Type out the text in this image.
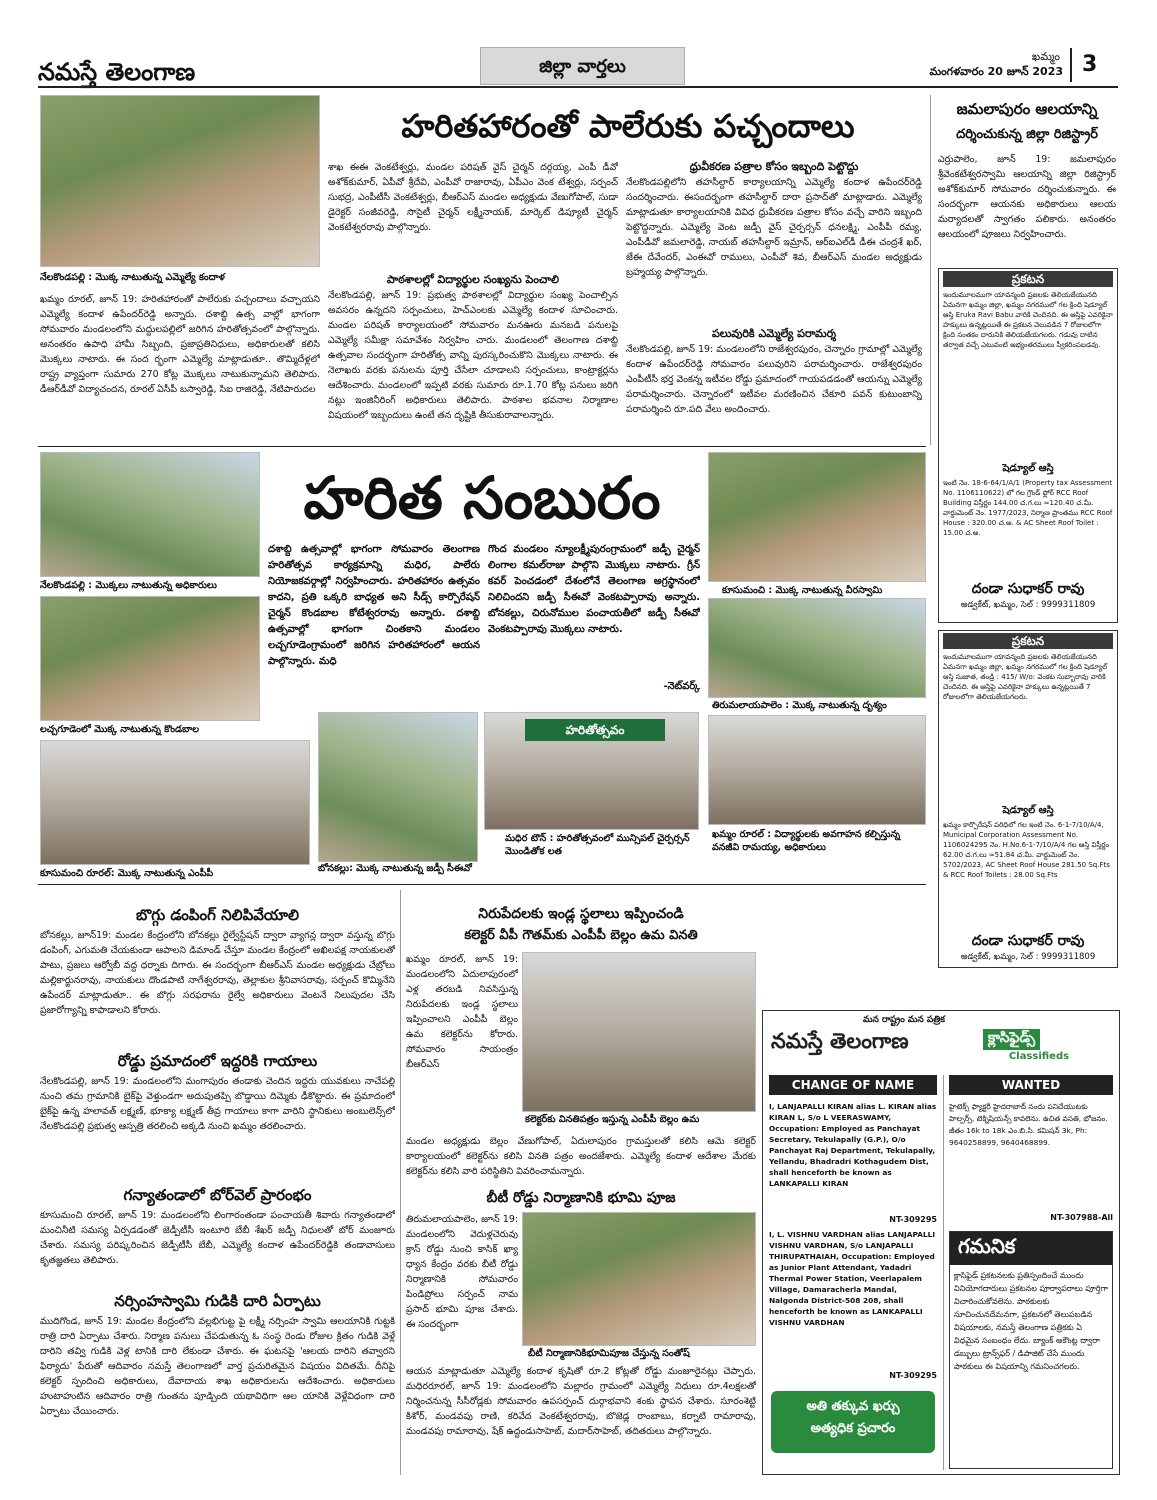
నమస్తే తెలంగాణ	జిల్లా వార్తలు	ఖమ్మం
మంగళవారం 20 జూన్ 2023 3
నేలకొండపల్లి : మొక్క నాటుతున్న ఎమ్మెల్యే కందాళ
హరితహారంతో పాలేరుకు పచ్చందాలు
ఖమ్మం రూరల్, జూన్ 19: హరితహారంతో పాలేరుకు పచ్చందాలు వచ్చాయని ఎమ్మెల్యే కందాళ ఉపేందర్‌రెడ్డి అన్నారు. దశాబ్ది ఉత్స వాల్లో భాగంగా సోమవారం మండలంలోని మద్దులపల్లిలో జరిగిన హరితోత్సవంలో పాల్గొన్నారు. అనంతరం ఉపాధి హామీ సిబ్బంది, ప్రజాప్రతినిధులు, అధికారులతో కలిసి మొక్కలు నాటారు. ఈ సంద ర్భంగా ఎమ్మెల్యే మాట్లాడుతూ.. తొమ్మిదేళ్లలో రాష్ట్ర వ్యాప్తంగా సుమారు 270 కోట్ల మొక్కలు నాటుకున్నామని తెలిపారు. డీఆర్‌డీవో విద్యాచందన, రూరల్ ఏసీపీ బస్వారెడ్డి, సిఐ రాజిరెడ్డి, నేటిపారుదల
శాఖ ఈఈ వెంకటేశ్వర్లు, మండల పరిషత్ వైస్ చైర్మన్ దర్గయ్య, ఎంపీ డీవో అశోక్‌కుమార్, ఏపీవో శ్రీదేవి, ఎంపీవో రాజారావు, ఏపీఎం వెంక టేశ్వర్లు, సర్పంచ్ సుభద్ర, ఎంపీటీసీ వెంకటేశ్వర్లు, బీఆర్‌ఎస్ మండల అధ్యక్షుడు వేణుగోపాల్, సుడా డైరెక్టర్ సంజీవరెడ్డి, సొసైటీ చైర్మన్ లక్ష్మీనాయక్, మార్కెట్ డిప్యూటీ చైర్మన్ వెంకటేశ్వరరావు పాల్గొన్నారు.
పాఠశాలల్లో విద్యార్థుల సంఖ్యను పెంచాలి
నేలకొండపల్లి, జూన్ 19: ప్రభుత్వ పాఠశాలల్లో విద్యార్థుల సంఖ్య పెంచాల్సిన అవసరం ఉన్నదని సర్పంచులు, హెచ్‌ఎంలకు ఎమ్మెల్యే కందాళ సూచించారు. మండల పరిషత్ కార్యాలయంలో సోమవారం మనఊరు మనబడి పనులపై ఎమ్మెల్యే సమీక్షా సమావేశం నిర్వహిం చారు. మండలంలో తెలంగాణ దశాబ్ది ఉత్సవాల సందర్భంగా హరితోత్స వాన్ని పురస్కరించుకొని మొక్కలు నాటారు. ఈ నెలాఖరు వరకు పనులను పూర్తి చేసేలా చూడాలని సర్పంచులు, కాంట్రాక్టర్లను ఆదేశించారు. మండలంలో ఇప్పటి వరకు సుమారు రూ.1.70 కోట్ల పనులు జరిగి నట్లు ఇంజినీరింగ్ అధికారులు తెలిపారు. పాఠశాల భవనాల నిర్మాణాల విషయంలో ఇబ్బందులు ఉంటే తన దృష్టికి తీసుకురావాలన్నారు.
ధ్రువీకరణ పత్రాల కోసం ఇబ్బంది పెట్టొద్దు
నేలకొండపల్లిలోని తహసీల్దార్ కార్యాలయాన్ని ఎమ్మెల్యే కందాళ ఉపేందర్‌రెడ్డి సందర్శించారు. ఈసందర్భంగా తహసీల్దార్ దారా ప్రసాద్‌తో మాట్లాడారు. ఎమ్మెల్యే మాట్లాడుతూ కార్యాలయానికి వివిధ ధ్రువీకరణ పత్రాల కోసం వచ్చే వారిని ఇబ్బంది పెట్టొద్దన్నారు. ఎమ్మెల్యే వెంట జడ్పీ వైస్ చైర్పర్సన్ ధనలక్ష్మి, ఎంపీపీ రమ్య, ఎంపీడీవో జమలారెడ్డి, నాయబ్ తహసీల్దార్ ఇమ్రాన్, ఆర్‌ఐఎల్‌డీ డీఈ చంద్రశే ఖర్, జేఈ దేవేందర్, ఎంఈవో రాములు, ఎంపీవో శివ, బీఆర్‌ఎస్ మండల అధ్యక్షుడు బ్రహ్మయ్య పాల్గొన్నారు.
పలువురికి ఎమ్మెల్యే పరామర్శ
నేలకొండపల్లి, జూన్ 19: మండలంలోని రాజేశ్వరపురం, చెన్నారం గ్రామాల్లో ఎమ్మెల్యే కందాళ ఉపేందర్‌రెడ్డి సోమవారం పలువురిని పరామర్శించారు. రాజేశ్వరపురం ఎంపీటీసీ భర్త వెంకన్న ఇటీవల రోడ్డు ప్రమాదంలో గాయపడడంతో ఆయన్ను ఎమ్మెల్యే పరామర్శించారు. చెన్నారంలో ఇటీవల మరణించిన చేకూరి పవన్ కుటుంబాన్ని పరామర్శించి రూ.పది వేలు అందించారు.
జమలాపురం ఆలయాన్ని
దర్శించుకున్న జిల్లా రిజిస్ట్రార్
ఎర్రుపాలెం, జూన్ 19: జమలాపురం శ్రీవెంకటేశ్వరస్వామి ఆలయాన్ని జిల్లా రిజిస్ట్రార్ అశోక్‌కుమార్ సోమవారం దర్శించుకున్నారు. ఈ సందర్భంగా ఆయనకు అధికారులు ఆలయ మర్యాదలతో స్వాగతం పలికారు. అనంతరం ఆలయంలో పూజలు నిర్వహించారు.
ప్రకటన
ఇందుమూలముగా యావన్మంది ప్రజలకు తెలియజేయునది ఏమనగా ఖమ్మం జిల్లా, ఖమ్మం నగరములో గల క్రింది షెడ్యూల్ ఆస్తి Eruka Ravi Babu వారికి చెందినది. ఈ ఆస్తిపై ఎవరికైనా హక్కులు ఉన్నట్లయితే ఈ ప్రకటన వెలువడిన 7 రోజులలోగా క్రింది సంతకం దారునికి తెలియజేయగలరు. గడువు దాటిన తర్వాత వచ్చే ఎటువంటి అభ్యంతరములు స్వీకరింపబడవు.
షెడ్యూల్ ఆస్తి
ఇంటి నెం. 18-6-64/1/A/1 (Property tax Assessment No. 1106110622) లో గల గ్రౌండ్ ఫ్లోర్ RCC Roof Building విస్తీర్ణం 144.00 చ.గ.లు ≈120.40 చ.మీ. వార్డుమెంట్ నెం. 1977/2023, నిర్మాణ ప్రాంతము RCC Roof House : 320.00 చ.అ. & AC Sheet Roof Toilet : 15.00 చ.అ.
దండా సుధాకర్ రావు
అడ్వకేట్, ఖమ్మం, సెల్ : 9999311809
ప్రకటన
ఇందుమూలముగా యావన్మంది ప్రజలకు తెలియజేయునది ఏమనగా ఖమ్మం జిల్లా, ఖమ్మం నగరములో గల క్రింది షెడ్యూల్ ఆస్తి సుజాత, తండ్రి : 415/ W/o: వెంకట సుబ్బారావు వారికి చెందినది. ఈ ఆస్తిపై ఎవరికైనా హక్కులు ఉన్నట్లయితే 7 రోజులలోగా తెలియజేయగలరు.
షెడ్యూల్ ఆస్తి
ఖమ్మం కార్పొరేషన్ పరిధిలో గల ఇంటి నెం. 6-1-7/10/A/4, Municipal Corporation Assessment No. 1106024295 నెం. H.No.6-1-7/10/A/4 గల ఆస్తి విస్తీర్ణం 62.00 చ.గ.లు ≈51.84 చ.మీ. వార్డుమెంట్ నెం. 5702/2023, AC Sheet Roof House 281.50 Sq.Fts & RCC Roof Toilets : 28.00 Sq.Fts
దండా సుధాకర్ రావు
అడ్వకేట్, ఖమ్మం, సెల్ : 9999311809
నేలకొండపల్లి : మొక్కలు నాటుతున్న అధికారులు
లచ్చగూడెంలో మొక్క నాటుతున్న కొండబాల
కూసుమంచి రూరల్: మొక్క నాటుతున్న ఎంపీపీ
హరిత సంబురం
దశాబ్ది ఉత్సవాల్లో భాగంగా సోమవారం తెలంగాణ హరితోత్సవ కార్యక్రమాన్ని మధిర, పాలేరు నియోజకవర్గాల్లో నిర్వహించారు. హరితహారం ఉత్సవం కాదని, ప్రతి ఒక్కరి బాధ్యత అని సీడ్స్ కార్పొరేషన్ చైర్మన్ కొండబాల కోటేశ్వరరావు అన్నారు. దశాబ్ది ఉత్సవాల్లో భాగంగా చింతకాని మండలం లచ్చగూడెంగ్రామంలో జరిగిన హరితహారంలో ఆయన పాల్గొన్నారు. మధి
గొంద మండలం న్యూలక్ష్మీపురంగ్రామంలో జడ్పీ చైర్మన్ లింగాల కమల్‌రాజు పాల్గొని మొక్కలు నాటారు. గ్రీన్ కవర్ పెంచడంలో దేశంలోనే తెలంగాణ అగ్రస్థానంలో నిలిచిందని జడ్పీ సీఈవో వెంకటప్పారావు అన్నారు. బోనకల్లు, చిరునోముల పంచాయతీలో జడ్పీ సీఈవో వెంకటప్పారావు మొక్కలు నాటారు.
-నెట్‌వర్క్
బోనకల్లు: మొక్క నాటుతున్న జడ్పీ సీఈవో
హరితోత్సవం
మధిర టౌన్ : హరితోత్సవంలో మున్సిపల్ చైర్పర్సన్ మొండితోక లత
కూసుమంచి : మొక్క నాటుతున్న వీరస్వామి
తిరుమలాయపాలెం : మొక్క నాటుతున్న దృశ్యం
ఖమ్మం రూరల్ : విద్యార్థులకు అవగాహన కల్పిస్తున్న వనజీవి రామయ్య, అధికారులు
బొగ్గు డంపింగ్ నిలిపివేయాలి
బోనకల్లు, జూన్19: మండల కేంద్రంలోని బోనకల్లు రైల్వేస్టేషన్ ద్వారా వ్యాగన్ల ద్వారా వస్తున్న బొగ్గు డంపింగ్, ఎగుమతి చేయకుండా ఆపాలని డిమాండ్ చేస్తూ మండల కేంద్రంలో అఖిలపక్ష నాయకులతో పాటు, ప్రజలు ఆర్వోబీ వద్ద ధర్నాకు దిగారు. ఈ సందర్భంగా బీఆర్‌ఎస్ మండల అధ్యక్షుడు చేబ్రోలు మల్లికార్జునరావు, నాయకులు దొండపాటి నాగేశ్వరరావు, తెల్లాకుల శ్రీనివాసరావు, సర్పంచ్ కొమ్మినేని ఉపేందర్ మాట్లాడుతూ.. ఈ బొగ్గు సరఫరాను రైల్వే అధికారులు వెంటనే నిలుపుదల చేసి ప్రజారోగ్యాన్ని కాపాడాలని కోరారు.
రోడ్డు ప్రమాదంలో ఇద్దరికి గాయాలు
నేలకొండపల్లి, జూన్ 19: మండలంలోని మంగాపురం తండాకు చెందిన ఇద్దరు యువకులు నాచేపల్లి నుంచి తమ గ్రామానికి బైక్‌పై వెళ్తుండగా అదుపుతప్పి బొడ్డాయి దిమ్మెకు ఢీకొట్టారు. ఈ ప్రమాదంలో బైక్‌పై ఉన్న హలావత్ లక్ష్మణ్, భూక్యా లక్ష్మణ్‌ తీవ్ర గాయాలు కాగా వారిని స్థానికులు అంబులెన్స్‌లో నేలకొండపల్లి ప్రభుత్వ ఆస్పత్రి తరలించి అక్కడి నుంచి ఖమ్మం తరలించారు.
గన్యాతండాలో బోర్‌వెల్ ప్రారంభం
కూసుమంచి రూరల్, జూన్ 19: మండలంలోని లింగారంతండా పంచాయతీ శివారు గన్యాతండాలో మంచినీటి సమస్య ఏర్పడడంతో జెడ్పీటీసీ ఇంటూరి బేబీ శేఖర్ జడ్పీ నిధులతో బోర్ మంజూరు చేశారు. సమస్య పరిష్కరించిన జెడ్పీటీసీ బేబీ, ఎమ్మెల్యే కందాళ ఉపేందర్‌రెడ్డికి తండావాసులు కృతజ్ఞతలు తెలిపారు.
నర్సింహస్వామి గుడికి దారి ఏర్పాటు
ముదిగొండ, జూన్ 19: మండల కేంద్రంలోని వల్లభిగుట్ట పై లక్ష్మీ నర్సింహ స్వామి ఆలయానికి గుట్టకి రాత్రి దారి ఏర్పాటు చేశారు. నిర్మాణ పనులు చేపడుతున్న ఓ సంస్థ రెండు రోజుల క్రితం గుడికి వెళ్లే దారిని తవ్వి గుడికి వెళ్ల టానికి దారి లేకుండా చేశారు. ఈ ఘటనపై 'ఆలయ దారిని తవ్వారని ఫిర్యాదు' పేరుతో ఆదివారం నమస్తే తెలంగాణలో వార్త ప్రచురితమైన విషయం విదితమే. దీనిపై కలెక్టర్ స్పందించి అధికారులు, దేవాదాయ శాఖ అధికారులను ఆదేశించారు. అధికారులు హుటాహుటిన ఆదివారం రాత్రి గుంతను పూడ్చింది యథావిధిగా ఆల యానికి వెళ్లేవిధంగా దారి ఏర్పాటు చేయించారు.
నిరుపేదలకు ఇండ్ల స్థలాలు ఇప్పించండి
కలెక్టర్ వీపీ గౌతమ్‌కు ఎంపీపీ బెల్లం ఉమ వినతి
ఖమ్మం రూరల్, జూన్ 19: మండలంలోని ఏదులాపురంలో ఎళ్ల తరబడి నివసిస్తున్న నిరుపేదలకు ఇండ్ల స్థలాలు ఇప్పించాలని ఎంపీపీ బెల్లం ఉమ కలెక్టర్‌ను కోరారు. సోమవారం సాయంత్రం బీఆర్‌ఎస్
కలెక్టర్‌కు వినతిపత్రం ఇస్తున్న ఎంపీపీ బెల్లం ఉమ
మండల అధ్యక్షుడు బెల్లం వేణుగోపాల్, ఏదులాపురం గ్రామస్తులతో కలిసి ఆమె కలెక్టర్ కార్యాలయంలో కలెక్టర్‌ను కలిసి వినతి పత్రం అందజేశారు. ఎమ్మెల్యే కందాళ ఆదేశాల మేరకు కలెక్టర్‌ను కలిసి వారి పరిస్థితిని వివరించామన్నారు.
బీటీ రోడ్డు నిర్మాణానికి భూమి పూజ
తిరుమలాయపాలెం, జూన్ 19: మండలంలోని వెదుళ్లచెరువు క్రాస్ రోడ్డు నుంచి కాసిక్ ఖ్యా ధ్యాన కేంద్రం వరకు బీటీ రోడ్డు నిర్మాణానికి సోమవారం పిండిప్రోలు సర్పంచ్ నామ ప్రసాద్ భూమి పూజ చేశారు. ఈ సందర్భంగా
బీటీ నిర్మాణానికిభూమిపూజ చేస్తున్న సంతోష్
ఆయన మాట్లాడుతూ ఎమ్మెల్యే కందాళ కృషితో రూ.2 కోట్లతో రోడ్డు మంజూరైనట్లు చెప్పారు. మధిరరూరల్, జూన్ 19: మండలంలోని మల్లారం గ్రామంలో ఎమ్మెల్యే నిధులు రూ.4లక్షలతో నిర్మించనున్న సీసీరోడ్లకు సోమవారం ఉపసర్పంచ్ దుర్గాభవాని శంకు స్థాపన చేశారు. సూరంశెట్టి కిశోర్, మండవపు రాణి, కరివేద వెంకటేశ్వరరావు, బొజెడ్ల రాంబాబు, కర్నాటి రామారావు, మండవపు రామారావు, షేక్ ఉద్దండుసాహెబ్, మదార్‌సాహెబ్, తదితరులు పాల్గొన్నారు.
మన రాష్ట్రం మన పత్రిక
నమస్తే తెలంగాణ	క్లాసిఫైడ్స్
Classifieds
CHANGE OF NAME
I, LANJAPALLI KIRAN alias L. KIRAN alias KIRAN L, S/o L VEERASWAMY, Occupation: Employed as Panchayat Secretary, Tekulapally (G.P.), O/o Panchayat Raj Department, Tekulapally, Yellandu, Bhadradri Kothagudem Dist, shall henceforth be known as LANKAPALLI KIRAN
NT-309295
I, L. VISHNU VARDHAN alias LANJAPALLI VISHNU VARDHAN, S/o LANJAPALLI THIRUPATHAIAH, Occupation: Employed as Junior Plant Attendant, Yadadri Thermal Power Station, Veerlapalem Village, Damaracherla Mandal, Nalgonda District-508 208, shall henceforth be known as LANKAPALLI VISHNU VARDHAN
NT-309295
అతి తక్కువ ఖర్చు
అత్యధిక ప్రచారం
WANTED
హైటెక్స్ ఫ్యాక్టరీ హైదరాబాద్ నందు పనిచేయుటకు హెల్పర్స్, టెక్నిషియన్స్ కావలెను. ఉచిత వసతి, భోజనం. జీతం 16k to 18k ఎం.బి.సి. కమిషన్ 3k, Ph: 9640258899, 9640468899.
NT-307988-All
గమనిక
క్లాసిఫైడ్ ప్రకటనలకు ప్రతిస్పందించే ముందు వినియోగదారులు ప్రకటనల పూర్వాపరాలు పూర్తిగా విచారించుకోవలెను. పాఠకులకు సూచించునదేమనగా, ప్రకటనలో తెలుపబడిన విషయాలకు, నమస్తే తెలంగాణ పత్రికకు ఏ విధమైన సంబంధం లేదు. బ్యాంక్ అకౌంట్ల ద్వారా డబ్బులు ట్రాన్స్‌ఫర్ / డిపాజిట్ చేసే ముందు పాఠకులు ఈ విషయాన్ని గమనించగలరు.
